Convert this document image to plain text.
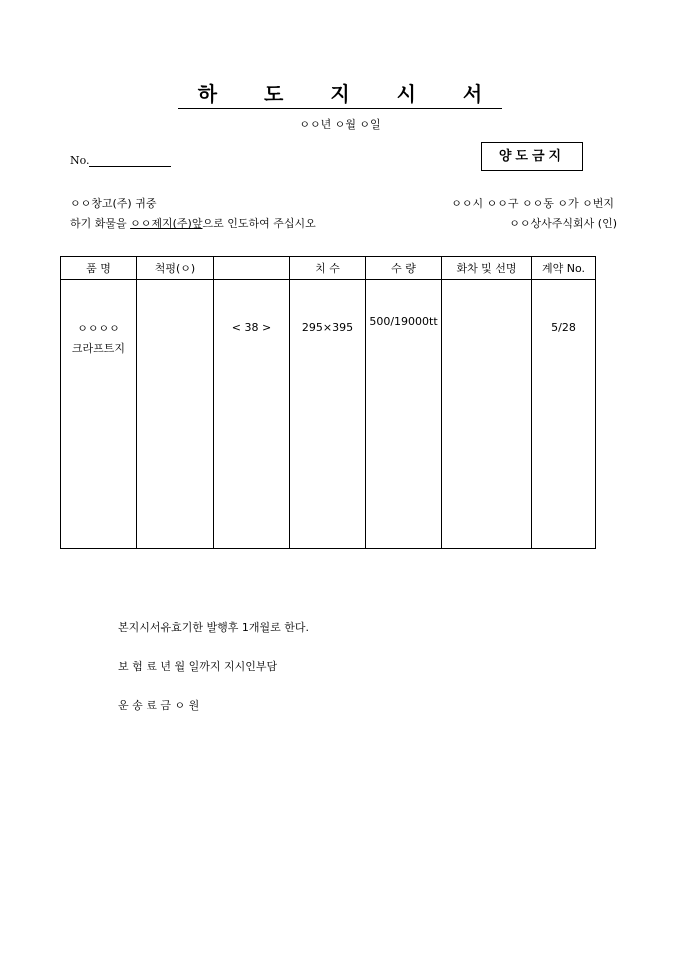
하 도 지 시 서
ㅇㅇ년 ㅇ월 ㅇ일
No.	양도금지
ㅇㅇ창고(주) 귀중
하기 화물을 ㅇㅇ제지(주)앞으로 인도하여 주십시오
ㅇㅇ시 ㅇㅇ구 ㅇㅇ동 ㅇ가 ㅇ번지
ㅇㅇ상사주식회사 (인)
품 명	척평(ㅇ)		치 수	수 량	화차 및 선명	계약 No.

ㅇㅇㅇㅇ
크라프트지		< 38 >	295×395	500/19000tt		5/28
본지시서유효기한 발행후 1개월로 한다.
보 험 료 년 월 일까지 지시인부담
운 송 료 금 ㅇ 원
